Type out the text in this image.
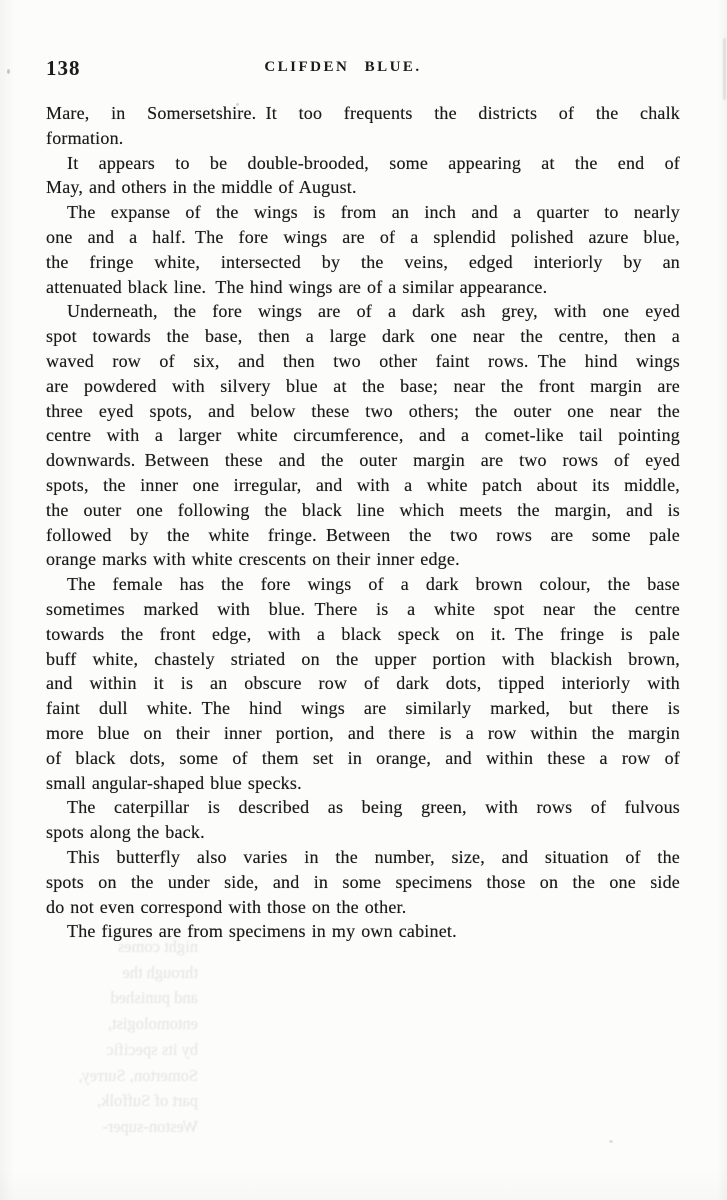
138	CLIFDEN BLUE.
Mare, in Somersetshire. It too frequents the districts of the chalk
formation.
It appears to be double-brooded, some appearing at the end of
May, and others in the middle of August.
The expanse of the wings is from an inch and a quarter to nearly
one and a half. The fore wings are of a splendid polished azure blue,
the fringe white, intersected by the veins, edged interiorly by an
attenuated black line. The hind wings are of a similar appearance.
Underneath, the fore wings are of a dark ash grey, with one eyed
spot towards the base, then a large dark one near the centre, then a
waved row of six, and then two other faint rows. The hind wings
are powdered with silvery blue at the base; near the front margin are
three eyed spots, and below these two others; the outer one near the
centre with a larger white circumference, and a comet-like tail pointing
downwards. Between these and the outer margin are two rows of eyed
spots, the inner one irregular, and with a white patch about its middle,
the outer one following the black line which meets the margin, and is
followed by the white fringe. Between the two rows are some pale
orange marks with white crescents on their inner edge.
The female has the fore wings of a dark brown colour, the base
sometimes marked with blue. There is a white spot near the centre
towards the front edge, with a black speck on it. The fringe is pale
buff white, chastely striated on the upper portion with blackish brown,
and within it is an obscure row of dark dots, tipped interiorly with
faint dull white. The hind wings are similarly marked, but there is
more blue on their inner portion, and there is a row within the margin
of black dots, some of them set in orange, and within these a row of
small angular-shaped blue specks.
The caterpillar is described as being green, with rows of fulvous
spots along the back.
This butterfly also varies in the number, size, and situation of the
spots on the under side, and in some specimens those on the one side
do not even correspond with those on the other.
The figures are from specimens in my own cabinet.
night comes
through the
and punished
entomologist,
by its specific
Somerton, Surrey,
part of Suffolk,
Weston-super-
